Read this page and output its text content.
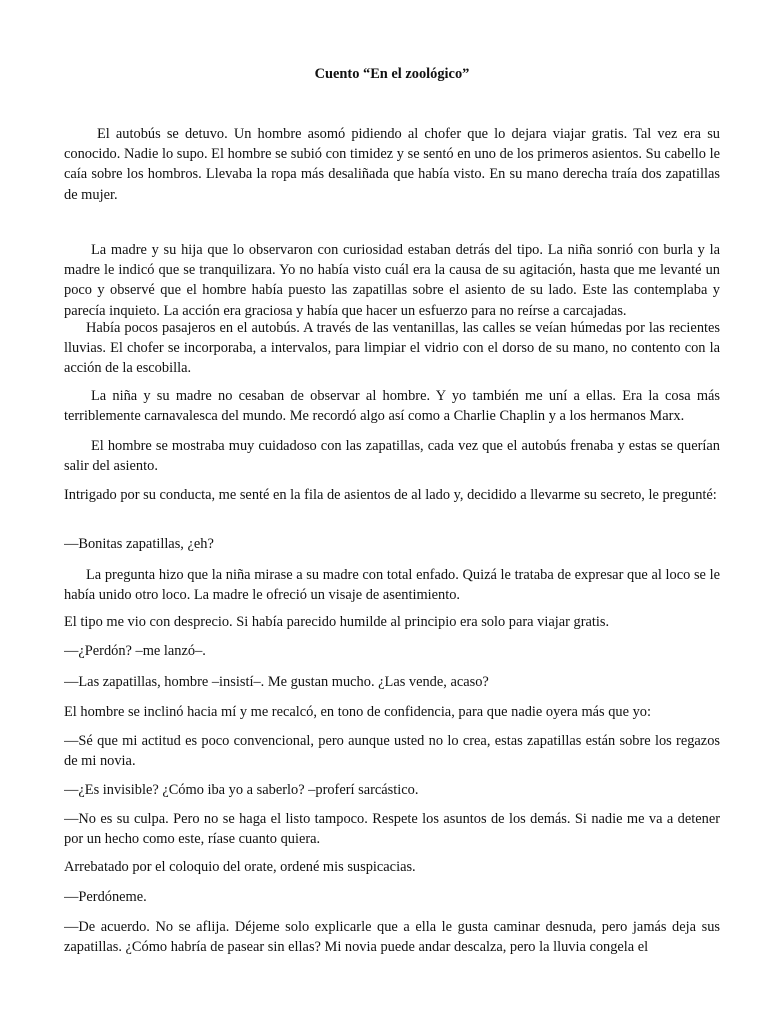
Cuento “En el zoológico”

El autobús se detuvo. Un hombre asomó pidiendo al chofer que lo dejara viajar gratis. Tal vez era su conocido. Nadie lo supo. El hombre se subió con timidez y se sentó en uno de los primeros asientos. Su cabello le caía sobre los hombros. Llevaba la ropa más desaliñada que había visto. En su mano derecha traía dos zapatillas de mujer.

La madre y su hija que lo observaron con curiosidad estaban detrás del tipo. La niña sonrió con burla y la madre le indicó que se tranquilizara. Yo no había visto cuál era la causa de su agitación, hasta que me levanté un poco y observé que el hombre había puesto las zapatillas sobre el asiento de su lado. Este las contemplaba y parecía inquieto. La acción era graciosa y había que hacer un esfuerzo para no reírse a carcajadas.

Había pocos pasajeros en el autobús. A través de las ventanillas, las calles se veían húmedas por las recientes lluvias. El chofer se incorporaba, a intervalos, para limpiar el vidrio con el dorso de su mano, no contento con la acción de la escobilla.

La niña y su madre no cesaban de observar al hombre. Y yo también me uní a ellas. Era la cosa más terriblemente carnavalesca del mundo. Me recordó algo así como a Charlie Chaplin y a los hermanos Marx.

El hombre se mostraba muy cuidadoso con las zapatillas, cada vez que el autobús frenaba y estas se querían salir del asiento.

Intrigado por su conducta, me senté en la fila de asientos de al lado y, decidido a llevarme su secreto, le pregunté:

—Bonitas zapatillas, ¿eh?

La pregunta hizo que la niña mirase a su madre con total enfado. Quizá le trataba de expresar que al loco se le había unido otro loco. La madre le ofreció un visaje de asentimiento.

El tipo me vio con desprecio. Si había parecido humilde al principio era solo para viajar gratis.

—¿Perdón? –me lanzó–.

—Las zapatillas, hombre –insistí–. Me gustan mucho. ¿Las vende, acaso?

El hombre se inclinó hacia mí y me recalcó, en tono de confidencia, para que nadie oyera más que yo:

—Sé que mi actitud es poco convencional, pero aunque usted no lo crea, estas zapatillas están sobre los regazos de mi novia.

—¿Es invisible? ¿Cómo iba yo a saberlo? –proferí sarcástico.

—No es su culpa. Pero no se haga el listo tampoco. Respete los asuntos de los demás. Si nadie me va a detener por un hecho como este, ríase cuanto quiera.

Arrebatado por el coloquio del orate, ordené mis suspicacias.

—Perdóneme.

—De acuerdo. No se aflija. Déjeme solo explicarle que a ella le gusta caminar desnuda, pero jamás deja sus zapatillas. ¿Cómo habría de pasear sin ellas? Mi novia puede andar descalza, pero la lluvia congela el
